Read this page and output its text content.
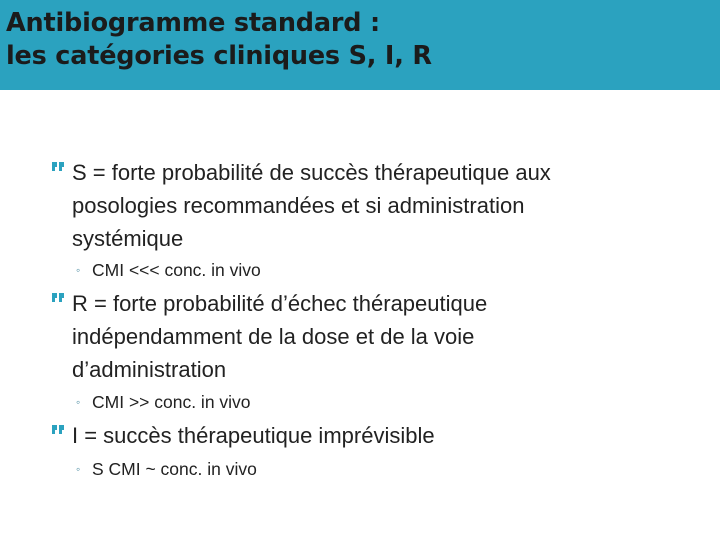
Antibiogramme standard :
les catégories cliniques S, I, R
S = forte probabilité de succès thérapeutique aux
posologies recommandées et si administration
systémique
◦ CMI <<< conc. in vivo
R = forte probabilité d’échec thérapeutique
indépendamment de la dose et de la voie
d’administration
◦ CMI >> conc. in vivo
I = succès thérapeutique imprévisible
◦ S CMI ~ conc. in vivo
